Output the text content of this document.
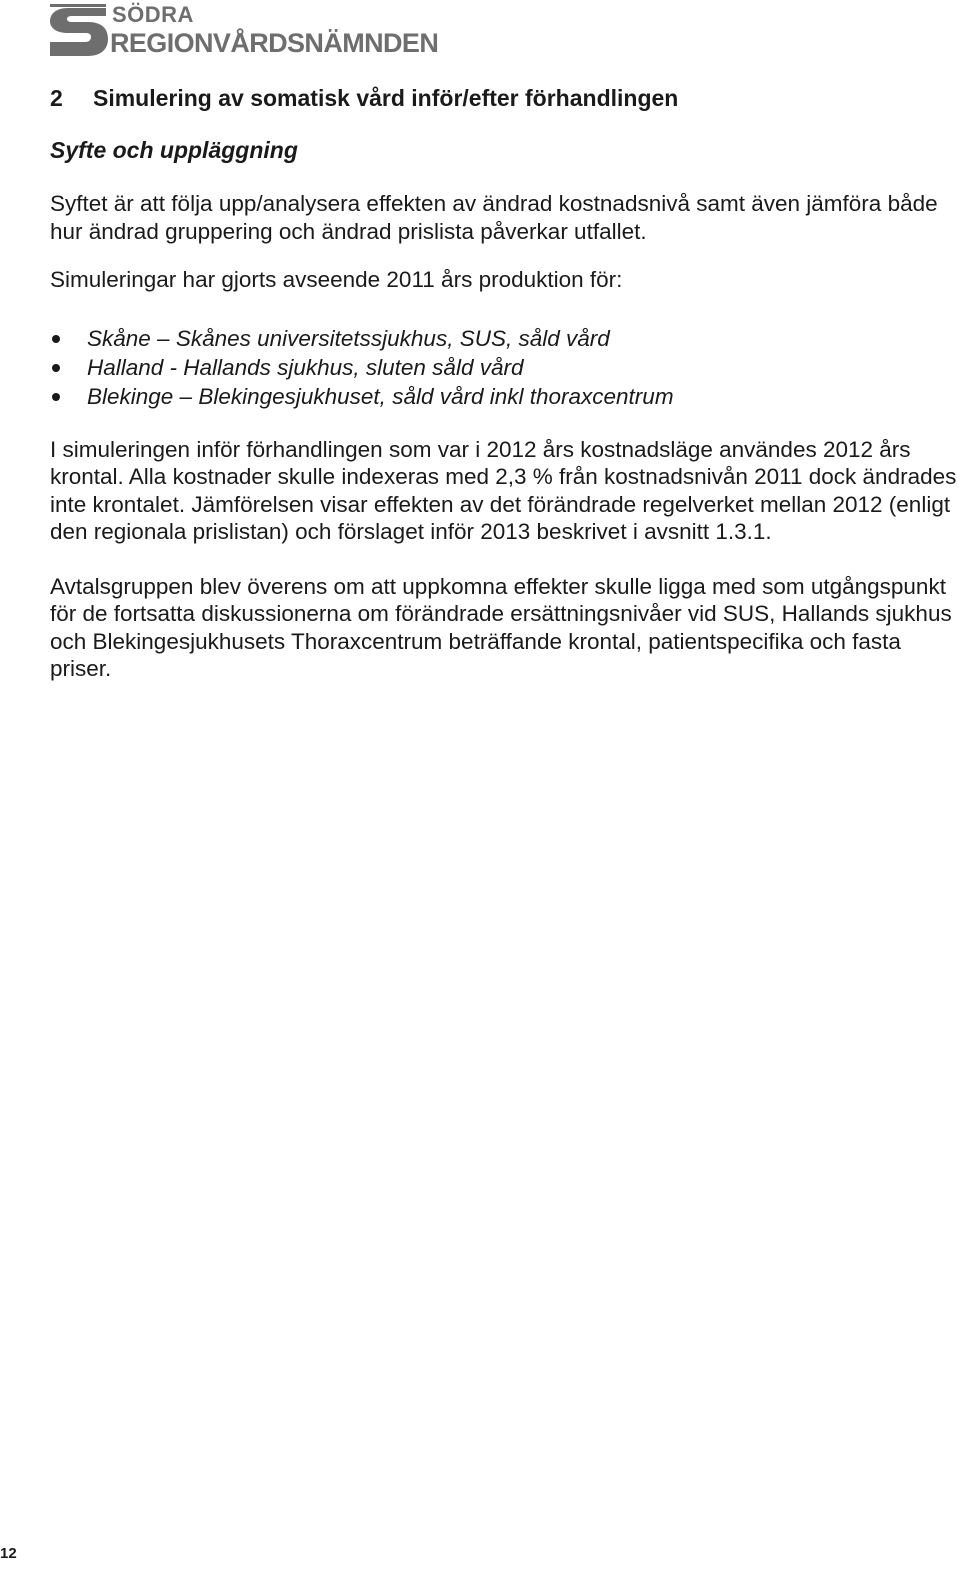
SÖDRA
REGIONVÅRDSNÄMNDEN
2	Simulering av somatisk vård inför/efter förhandlingen
Syfte och uppläggning

Syftet är att följa upp/analysera effekten av ändrad kostnadsnivå samt även jämföra både hur ändrad gruppering och ändrad prislista påverkar utfallet.

Simuleringar har gjorts avseende 2011 års produktion för:

Skåne – Skånes universitetssjukhus, SUS, såld vård
Halland - Hallands sjukhus, sluten såld vård
Blekinge – Blekingesjukhuset, såld vård inkl thoraxcentrum

I simuleringen inför förhandlingen som var i 2012 års kostnadsläge användes 2012 års krontal. Alla kostnader skulle indexeras med 2,3 % från kostnadsnivån 2011 dock ändrades inte krontalet. Jämförelsen visar effekten av det förändrade regelverket mellan 2012 (enligt den regionala prislistan) och förslaget inför 2013 beskrivet i avsnitt 1.3.1.

Avtalsgruppen blev överens om att uppkomna effekter skulle ligga med som utgångspunkt för de fortsatta diskussionerna om förändrade ersättningsnivåer vid SUS, Hallands sjukhus och Blekingesjukhusets Thoraxcentrum beträffande krontal, patientspecifika och fasta priser.

12
